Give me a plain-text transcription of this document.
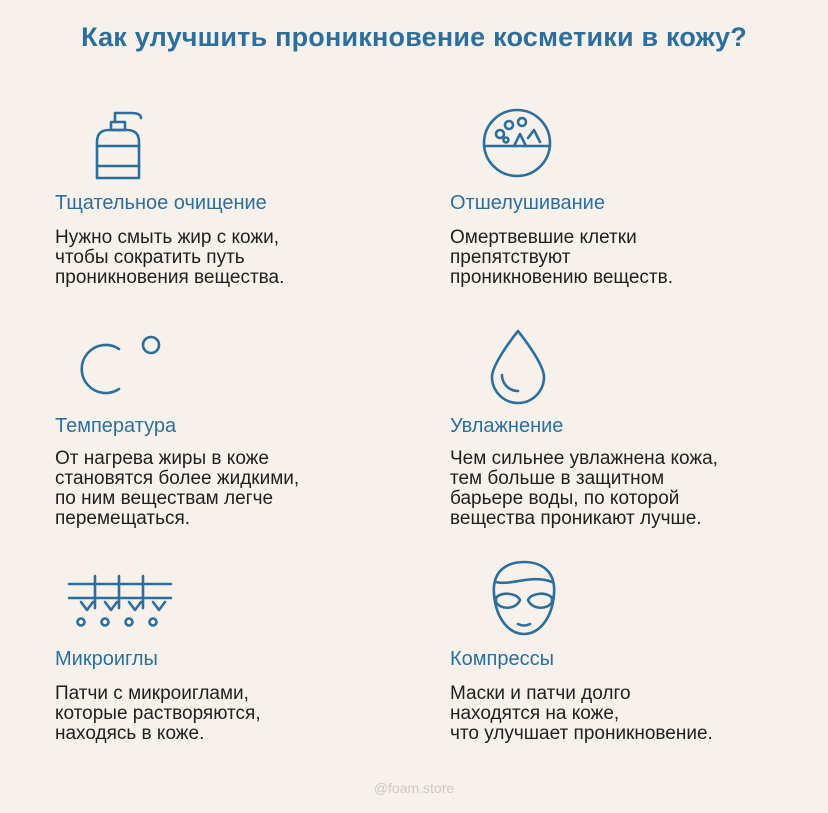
Как улучшить проникновение косметики в кожу?
Тщательное очищение
Нужно смыть жир с кожи,
чтобы сократить путь
проникновения вещества.
Отшелушивание
Омертвевшие клетки
препятствуют
проникновению веществ.
Температура
От нагрева жиры в коже
становятся более жидкими,
по ним веществам легче
перемещаться.
Увлажнение
Чем сильнее увлажнена кожа,
тем больше в защитном
барьере воды, по которой
вещества проникают лучше.
Микроиглы
Патчи с микроиглами,
которые растворяются,
находясь в коже.
Компрессы
Маски и патчи долго
находятся на коже,
что улучшает проникновение.
@foam.store
